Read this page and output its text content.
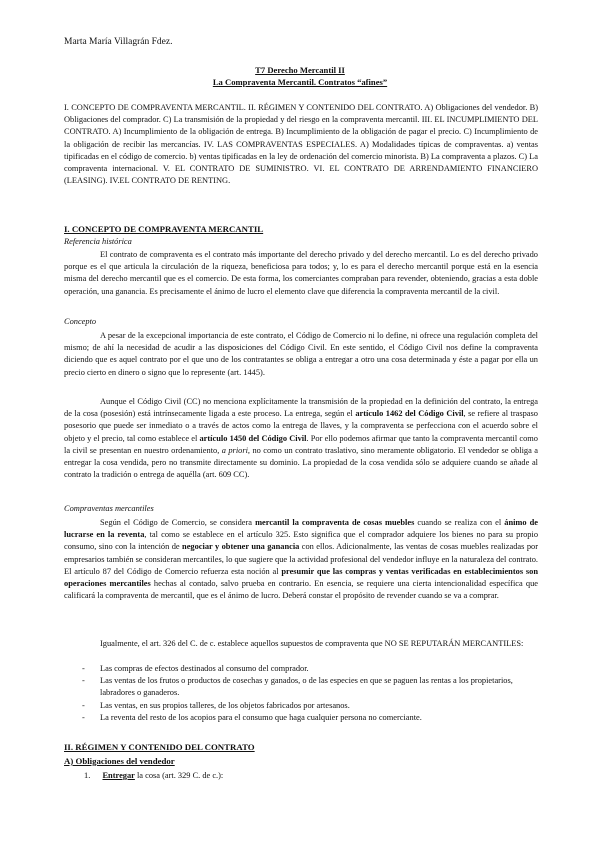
Marta María Villagrán Fdez.
T7 Derecho Mercantil II
La Compraventa Mercantil. Contratos “afines”
I. CONCEPTO DE COMPRAVENTA MERCANTIL. II. RÉGIMEN Y CONTENIDO DEL CONTRATO. A) Obligaciones del vendedor. B) Obligaciones del comprador. C) La transmisión de la propiedad y del riesgo en la compraventa mercantil. III. EL INCUMPLIMIENTO DEL CONTRATO. A) Incumplimiento de la obligación de entrega. B) Incumplimiento de la obligación de pagar el precio. C) Incumplimiento de la obligación de recibir las mercancías. IV. LAS COMPRAVENTAS ESPECIALES. A) Modalidades típicas de compraventas. a) ventas tipificadas en el código de comercio. b) ventas tipificadas en la ley de ordenación del comercio minorista. B) La compraventa a plazos. C) La compraventa internacional. V. EL CONTRATO DE SUMINISTRO. VI. EL CONTRATO DE ARRENDAMIENTO FINANCIERO (LEASING). IV.EL CONTRATO DE RENTING.
I. CONCEPTO DE COMPRAVENTA MERCANTIL
Referencia histórica

El contrato de compraventa es el contrato más importante del derecho privado y del derecho mercantil. Lo es del derecho privado porque es el que articula la circulación de la riqueza, beneficiosa para todos; y, lo es para el derecho mercantil porque está en la esencia misma del derecho mercantil que es el comercio. De esta forma, los comerciantes compraban para revender, obteniendo, gracias a esta doble operación, una ganancia. Es precisamente el ánimo de lucro el elemento clave que diferencia la compraventa mercantil de la civil.

Concepto

A pesar de la excepcional importancia de este contrato, el Código de Comercio ni lo define, ni ofrece una regulación completa del mismo; de ahí la necesidad de acudir a las disposiciones del Código Civil. En este sentido, el Código Civil nos define la compraventa diciendo que es aquel contrato por el que uno de los contratantes se obliga a entregar a otro una cosa determinada y éste a pagar por ella un precio cierto en dinero o signo que lo represente (art. 1445).

Aunque el Código Civil (CC) no menciona explícitamente la transmisión de la propiedad en la definición del contrato, la entrega de la cosa (posesión) está intrínsecamente ligada a este proceso. La entrega, según el artículo 1462 del Código Civil, se refiere al traspaso posesorio que puede ser inmediato o a través de actos como la entrega de llaves, y la compraventa se perfecciona con el acuerdo sobre el objeto y el precio, tal como establece el artículo 1450 del Código Civil. Por ello podemos afirmar que tanto la compraventa mercantil como la civil se presentan en nuestro ordenamiento, a priori, no como un contrato traslativo, sino meramente obligatorio. El vendedor se obliga a entregar la cosa vendida, pero no transmite directamente su dominio. La propiedad de la cosa vendida sólo se adquiere cuando se añade al contrato la tradición o entrega de aquélla (art. 609 CC).

Compraventas mercantiles

Según el Código de Comercio, se considera mercantil la compraventa de cosas muebles cuando se realiza con el ánimo de lucrarse en la reventa, tal como se establece en el artículo 325. Esto significa que el comprador adquiere los bienes no para su propio consumo, sino con la intención de negociar y obtener una ganancia con ellos. Adicionalmente, las ventas de cosas muebles realizadas por empresarios también se consideran mercantiles, lo que sugiere que la actividad profesional del vendedor influye en la naturaleza del contrato. El artículo 87 del Código de Comercio refuerza esta noción al presumir que las compras y ventas verificadas en establecimientos son operaciones mercantiles hechas al contado, salvo prueba en contrario. En esencia, se requiere una cierta intencionalidad específica que calificará la compraventa de mercantil, que es el ánimo de lucro. Deberá constar el propósito de revender cuando se va a comprar.

Igualmente, el art. 326 del C. de c. establece aquellos supuestos de compraventa que NO SE REPUTARÁN MERCANTILES:

- Las compras de efectos destinados al consumo del comprador.
- Las ventas de los frutos o productos de cosechas y ganados, o de las especies en que se paguen las rentas a los propietarios, labradores o ganaderos.
- Las ventas, en sus propios talleres, de los objetos fabricados por artesanos.
- La reventa del resto de los acopios para el consumo que haga cualquier persona no comerciante.
II. RÉGIMEN Y CONTENIDO DEL CONTRATO
A) Obligaciones del vendedor
1. Entregar la cosa (art. 329 C. de c.):
